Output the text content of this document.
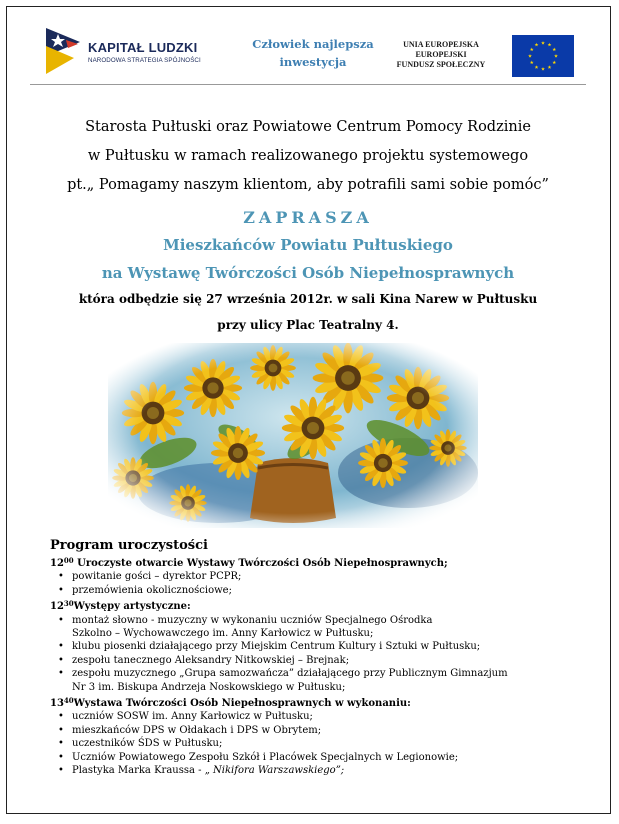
KAPITAŁ LUDZKI
NARODOWA STRATEGIA SPÓJNOŚCI
Człowiek najlepsza
inwestycja
UNIA EUROPEJSKA
EUROPEJSKI
FUNDUSZ SPOŁECZNY
Starosta Pułtuski oraz Powiatowe Centrum Pomocy Rodzinie
w Pułtusku w ramach realizowanego projektu systemowego
pt.„ Pomagamy naszym klientom, aby potrafili sami sobie pomóc”
ZAPRASZA
Mieszkańców Powiatu Pułtuskiego
na Wystawę Twórczości Osób Niepełnosprawnych
która odbędzie się 27 września 2012r. w sali Kina Narew w Pułtusku
przy ulicy Plac Teatralny 4.
Program uroczystości
$12^{00}$ Uroczyste otwarcie Wystawy Twórczości Osób Niepełnosprawnych;
• powitanie gości – dyrektor PCPR;
• przemówienia okolicznościowe;
$12^{30}Występy$ artystyczne:
• montaż słowno - muzyczny w wykonaniu uczniów Specjalnego Ośrodka
Szkolno – Wychowawczego im. Anny Karłowicz w Pułtusku;
• klubu piosenki działającego przy Miejskim Centrum Kultury i Sztuki w Pułtusku;
• zespołu tanecznego Aleksandry Nitkowskiej – Brejnak;
• zespołu muzycznego „Grupa samozwańcza” działającego przy Publicznym Gimnazjum
Nr 3 im. Biskupa Andrzeja Noskowskiego w Pułtusku;
$13^{40}Wystawa$ Twórczości Osób Niepełnosprawnych w wykonaniu:
• uczniów SOSW im. Anny Karłowicz w Pułtusku;
• mieszkańców DPS w Ołdakach i DPS w Obrytem;
• uczestników ŚDS w Pułtusku;
• Uczniów Powiatowego Zespołu Szkół i Placówek Specjalnych w Legionowie;
• Plastyka Marka Kraussa - „ Nikifora Warszawskiego”;
